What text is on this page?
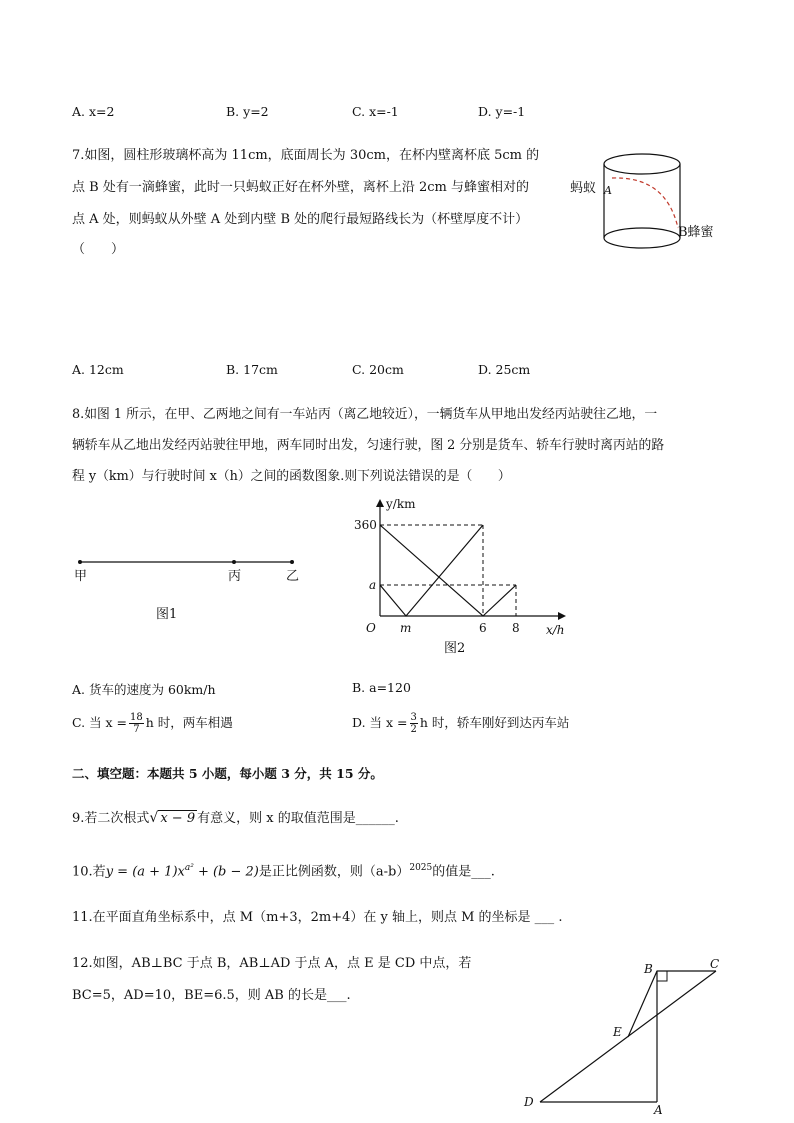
A. x=2	B. y=2	C. x=-1	D. y=-1
7.如图，圆柱形玻璃杯高为 11cm，底面周长为 30cm，在杯内壁离杯底 5cm 的
点 B 处有一滴蜂蜜，此时一只蚂蚁正好在杯外壁，离杯上沿 2cm 与蜂蜜相对的
点 A 处，则蚂蚁从外壁 A 处到内壁 B 处的爬行最短路线长为（杯壁厚度不计）
（　　）
蚂蚁 A
B蜂蜜
A. 12cm	B. 17cm	C. 20cm	D. 25cm
8.如图 1 所示，在甲、乙两地之间有一车站丙（离乙地较近），一辆货车从甲地出发经丙站驶往乙地，一
辆轿车从乙地出发经丙站驶往甲地，两车同时出发，匀速行驶，图 2 分别是货车、轿车行驶时离丙站的路
程 y（km）与行驶时间 x（h）之间的函数图象.则下列说法错误的是（　　）
甲	丙	乙
图1
y/km
x/h
O
360
a
m	6 8
图2
A. 货车的速度为 60km/h	B. a=120
C. 当 $x = \frac{18}{7}$ h 时，两车相遇	D. 当 $x = \frac{3}{2}$ h 时，轿车刚好到达丙车站
二、填空题：本题共 5 小题，每小题 3 分，共 15 分。
9.若二次根式√ x − 9 有意义，则 x 的取值范围是______.
10.若$y = (a + 1)x^{a^2} + (b - 2)$是正比例函数，则$(a-b)^{2025}$的值是___.
11.在平面直角坐标系中，点 M（m+3，2m+4）在 y 轴上，则点 M 的坐标是 ___ .
12.如图，AB⊥BC 于点 B，AB⊥AD 于点 A，点 E 是 CD 中点，若
BC=5，AD=10，BE=6.5，则 AB 的长是___.
B	C
E
D
A
